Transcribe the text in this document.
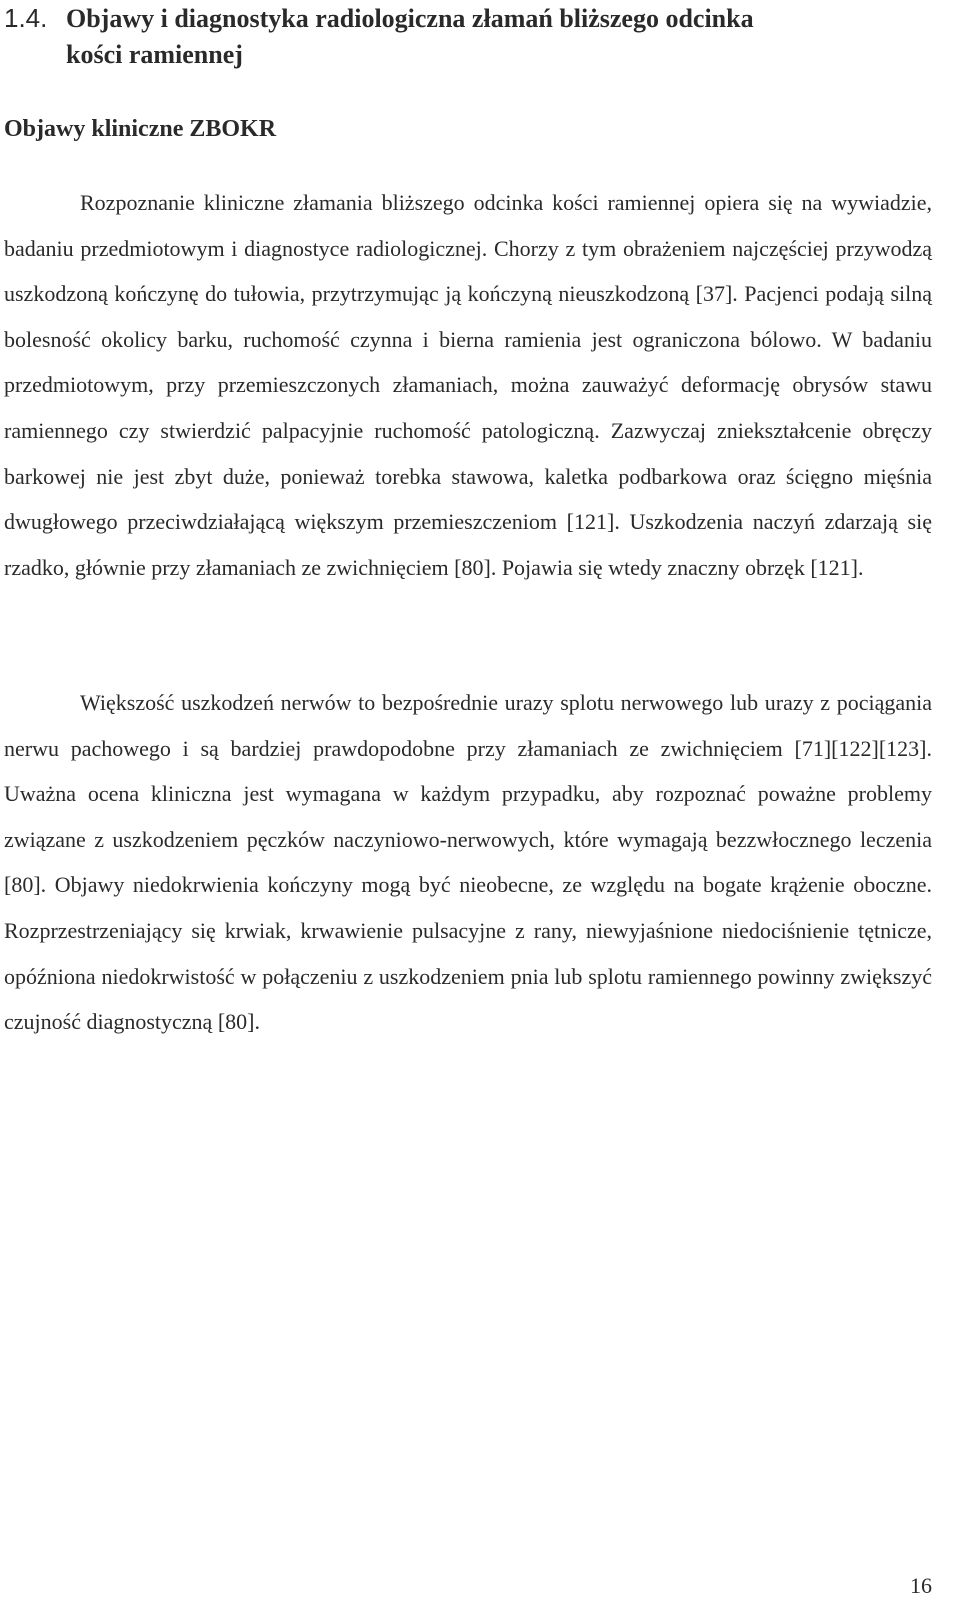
1.4. Objawy i diagnostyka radiologiczna złamań bliższego odcinka
kości ramiennej
Objawy kliniczne ZBOKR

Rozpoznanie kliniczne złamania bliższego odcinka kości ramiennej opiera się na wywiadzie, badaniu przedmiotowym i diagnostyce radiologicznej. Chorzy z tym obrażeniem najczęściej przywodzą uszkodzoną kończynę do tułowia, przytrzymując ją kończyną nieuszkodzoną [37]. Pacjenci podają silną bolesność okolicy barku, ruchomość czynna i bierna ramienia jest ograniczona bólowo. W badaniu przedmiotowym, przy przemieszczonych złamaniach, można zauważyć deformację obrysów stawu ramiennego czy stwierdzić palpacyjnie ruchomość patologiczną. Zazwyczaj zniekształcenie obręczy barkowej nie jest zbyt duże, ponieważ torebka stawowa, kaletka podbarkowa oraz ścięgno mięśnia dwugłowego przeciwdziałającą większym przemieszczeniom [121]. Uszkodzenia naczyń zdarzają się rzadko, głównie przy złamaniach ze zwichnięciem [80]. Pojawia się wtedy znaczny obrzęk [121].

Większość uszkodzeń nerwów to bezpośrednie urazy splotu nerwowego lub urazy z pociągania nerwu pachowego i są bardziej prawdopodobne przy złamaniach ze zwichnięciem [71][122][123]. Uważna ocena kliniczna jest wymagana w każdym przypadku, aby rozpoznać poważne problemy związane z uszkodzeniem pęczków naczyniowo-nerwowych, które wymagają bezzwłocznego leczenia [80]. Objawy niedokrwienia kończyny mogą być nieobecne, ze względu na bogate krążenie oboczne. Rozprzestrzeniający się krwiak, krwawienie pulsacyjne z rany, niewyjaśnione niedociśnienie tętnicze, opóźniona niedokrwistość w połączeniu z uszkodzeniem pnia lub splotu ramiennego powinny zwiększyć czujność diagnostyczną [80].

16
